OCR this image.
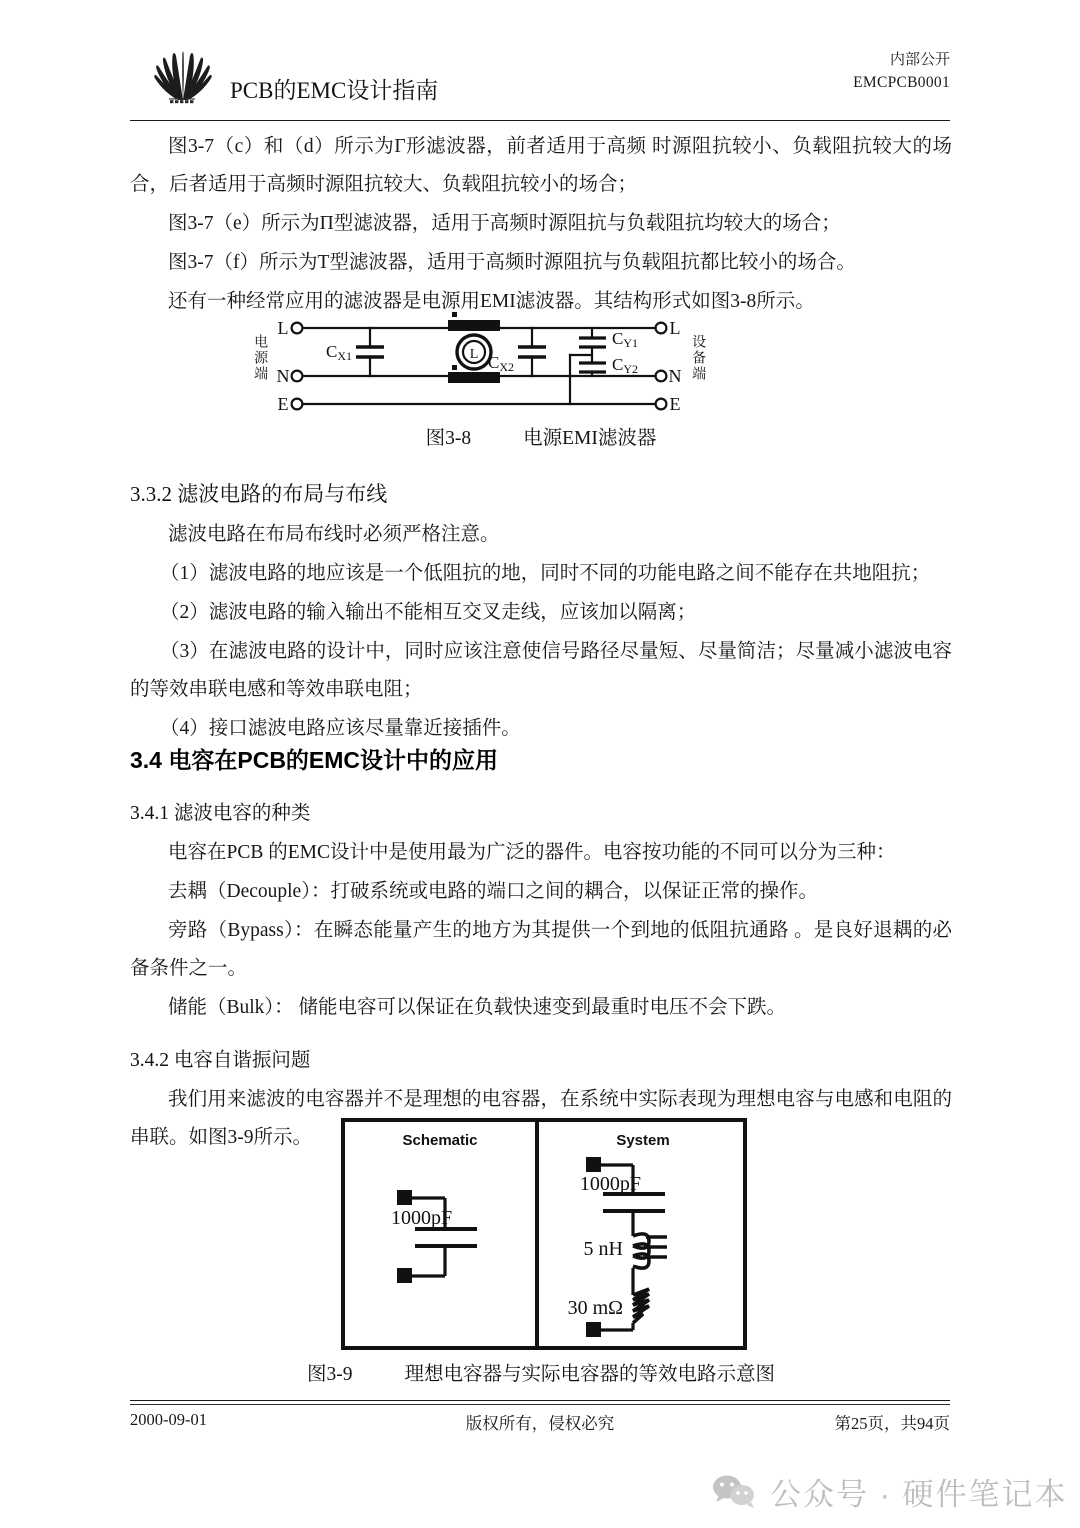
PCB的EMC设计指南
内部公开
EMCPCB0001

图3-7（c）和（d）所示为Γ形滤波器，前者适用于高频 时源阻抗较小、负载阻抗较大的场合，后者适用于高频时源阻抗较大、负载阻抗较小的场合；

图3-7（e）所示为Π型滤波器，适用于高频时源阻抗与负载阻抗均较大的场合；

图3-7（f）所示为T型滤波器，适用于高频时源阻抗与负载阻抗都比较小的场合。

还有一种经常应用的滤波器是电源用EMI滤波器。其结构形式如图3-8所示。

L
L
N
E
L
N
E
CX1	CX2
CY1
CY2
电源端	设备端
图3-8	电源EMI滤波器
3.3.2 滤波电路的布局与布线

滤波电路在布局布线时必须严格注意。

（1）滤波电路的地应该是一个低阻抗的地，同时不同的功能电路之间不能存在共地阻抗；

（2）滤波电路的输入输出不能相互交叉走线，应该加以隔离；

（3）在滤波电路的设计中，同时应该注意使信号路径尽量短、尽量简洁；尽量减小滤波电容的等效串联电感和等效串联电阻；

（4）接口滤波电路应该尽量靠近接插件。

3.4 电容在PCB的EMC设计中的应用
3.4.1 滤波电容的种类

电容在PCB 的EMC设计中是使用最为广泛的器件。电容按功能的不同可以分为三种：

去耦（Decouple）：打破系统或电路的端口之间的耦合，以保证正常的操作。

旁路（Bypass）：在瞬态能量产生的地方为其提供一个到地的低阻抗通路 。是良好退耦的必备条件之一。

储能（Bulk）： 储能电容可以保证在负载快速变到最重时电压不会下跌。

3.4.2 电容自谐振问题

我们用来滤波的电容器并不是理想的电容器，在系统中实际表现为理想电容与电感和电阻的串联。如图3-9所示。	Schematic	System
1000pF
1000pF
5 nH
30 mΩ
图3-9	理想电容器与实际电容器的等效电路示意图
版权所有，侵权必究
2000-09-01	第25页，共94页
公众号 · 硬件笔记本
